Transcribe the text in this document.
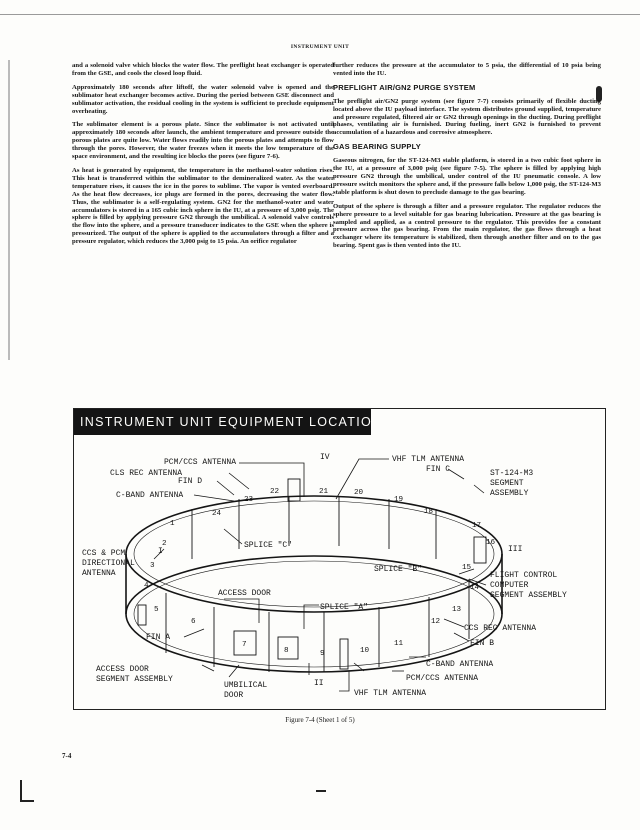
INSTRUMENT UNIT

and a solenoid valve which blocks the water flow. The preflight heat exchanger is operated from the GSE, and cools the closed loop fluid.

Approximately 180 seconds after liftoff, the water solenoid valve is opened and the sublimator heat exchanger becomes active. During the period between GSE disconnect and sublimator activation, the residual cooling in the system is sufficient to preclude equipment overheating.

The sublimator element is a porous plate. Since the sublimator is not activated until approximately 180 seconds after launch, the ambient temperature and pressure outside the porous plates are quite low. Water flows readily into the porous plates and attempts to flow through the pores. However, the water freezes when it meets the low temperature of the space environment, and the resulting ice blocks the pores (see figure 7-6).

As heat is generated by equipment, the temperature in the methanol-water solution rises. This heat is transferred within the sublimator to the demineralized water. As the water temperature rises, it causes the ice in the pores to sublime. The vapor is vented overboard. As the heat flow decreases, ice plugs are formed in the pores, decreasing the water flow. Thus, the sublimator is a self-regulating system. GN2 for the methanol-water and water accumulators is stored in a 165 cubic inch sphere in the IU, at a pressure of 3,000 psig. The sphere is filled by applying pressure GN2 through the umbilical. A solenoid valve controls the flow into the sphere, and a pressure transducer indicates to the GSE when the sphere is pressurized. The output of the sphere is applied to the accumulators through a filter and a pressure regulator, which reduces the 3,000 psig to 15 psia. An orifice regulator

further reduces the pressure at the accumulator to 5 psia, the differential of 10 psia being vented into the IU.

PREFLIGHT AIR/GN2 PURGE SYSTEM

The preflight air/GN2 purge system (see figure 7-7) consists primarily of flexible ducting located above the IU payload interface. The system distributes ground supplied, temperature and pressure regulated, filtered air or GN2 through openings in the ducting. During preflight phases, ventilating air is furnished. During fueling, inert GN2 is furnished to prevent accumulation of a hazardous and corrosive atmosphere.

GAS BEARING SUPPLY

Gaseous nitrogen, for the ST-124-M3 stable platform, is stored in a two cubic foot sphere in the IU, at a pressure of 3,000 psig (see figure 7-5). The sphere is filled by applying high pressure GN2 through the umbilical, under control of the IU pneumatic console. A low pressure switch monitors the sphere and, if the pressure falls below 1,000 psig, the ST-124-M3 stable platform is shut down to preclude damage to the gas bearing.

Output of the sphere is through a filter and a pressure regulator. The regulator reduces the sphere pressure to a level suitable for gas bearing lubrication. Pressure at the gas bearing is sampled and applied, as a control pressure to the regulator. This provides for a constant pressure across the gas bearing. From the main regulator, the gas flows through a heat exchanger where its temperature is stabilized, then through another filter and on to the gas bearing. Spent gas is then vented into the IU.

1
2
3
4
5
6
7
8	9	10
11
12
13
14
15
16
17
18
19
20
21
22
23
24
PCM/CCS ANTENNA
IV	VHF TLM ANTENNA
CLS REC ANTENNA
FIN D
FIN C	ST-124-M3
SEGMENT
ASSEMBLY
C-BAND ANTENNA
SPLICE "C"
CCS & PCM
DIRECTIONAL
ANTENNA
I	III
SPLICE "B"
FLIGHT CONTROL
COMPUTER
SEGMENT ASSEMBLY
ACCESS DOOR
SPLICE "A"
CCS REC ANTENNA
FIN A
FIN B
C-BAND ANTENNA
ACCESS DOOR
SEGMENT ASSEMBLY	PCM/CCS ANTENNA
UMBILICAL
DOOR
II
VHF TLM ANTENNA
INSTRUMENT UNIT EQUIPMENT LOCATIONS
Figure 7-4 (Sheet 1 of 5)
7-4
